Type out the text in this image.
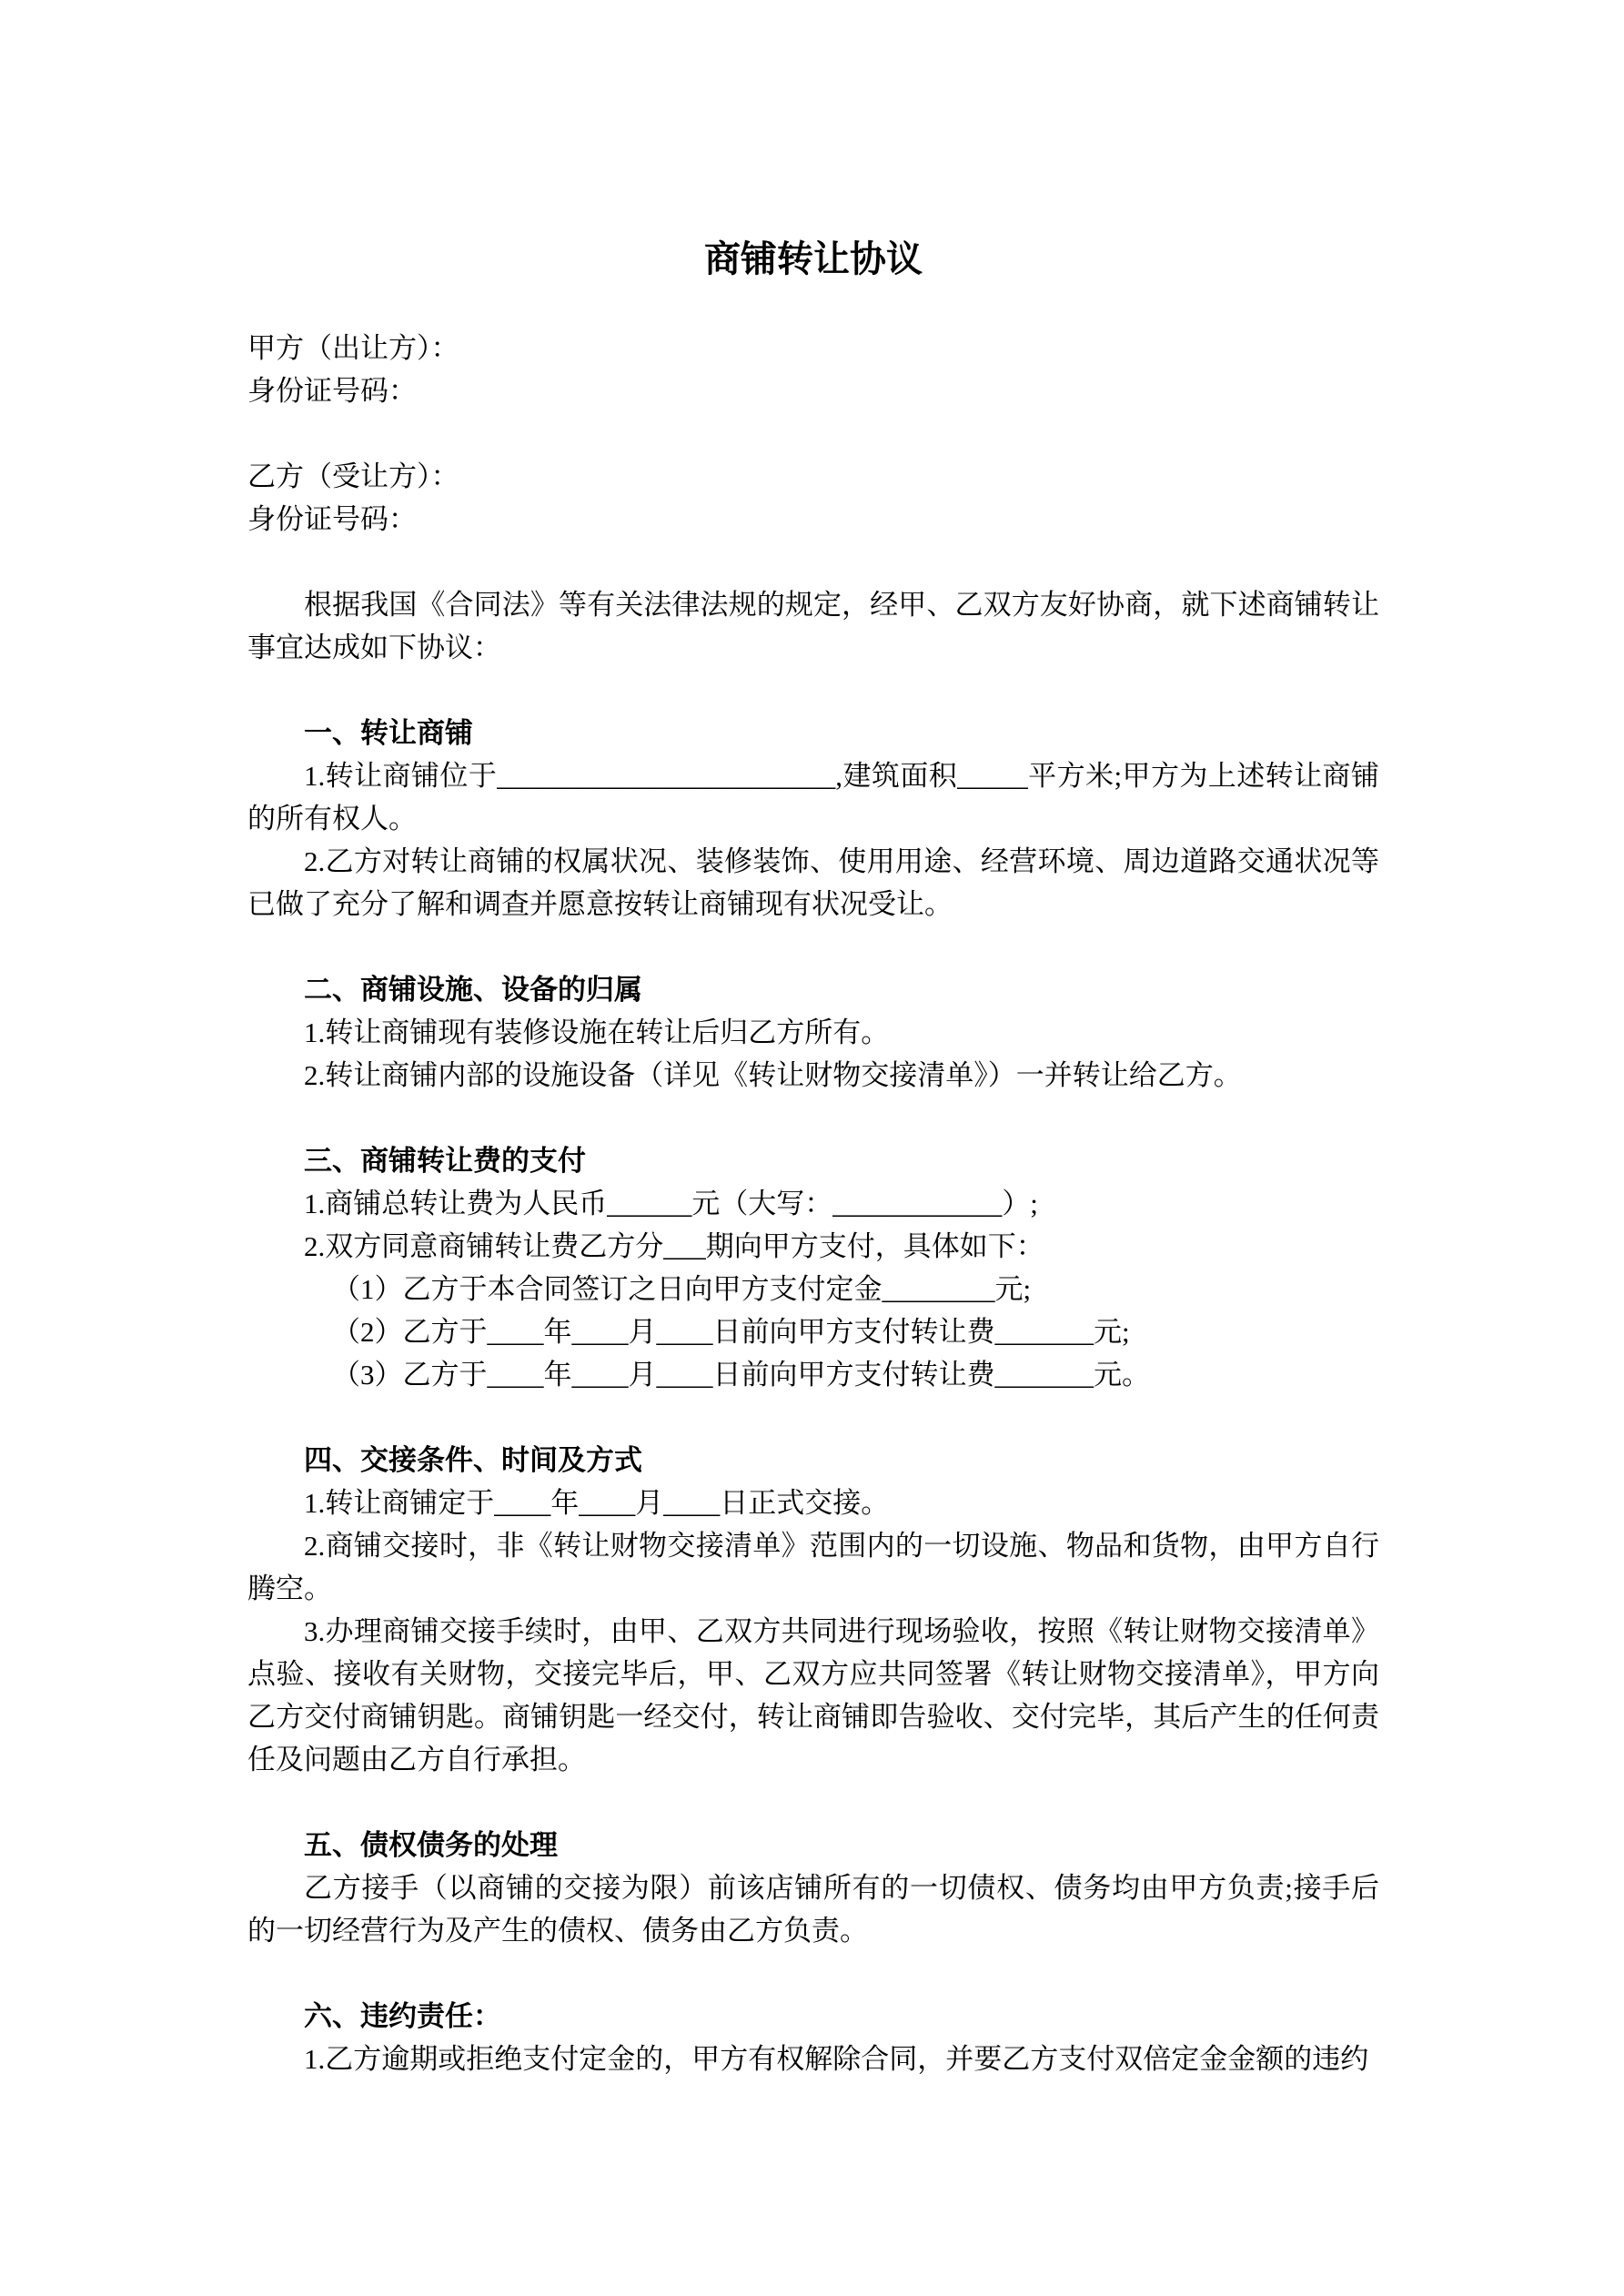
商铺转让协议

甲方（出让方）：

身份证号码：

乙方（受让方）：

身份证号码：

根据我国《合同法》等有关法律法规的规定，经甲、乙双方友好协商，就下述商铺转让事宜达成如下协议：

一、转让商铺

1.转让商铺位于________________________,建筑面积_____平方米;甲方为上述转让商铺的所有权人。

2.乙方对转让商铺的权属状况、装修装饰、使用用途、经营环境、周边道路交通状况等已做了充分了解和调查并愿意按转让商铺现有状况受让。

二、商铺设施、设备的归属

1.转让商铺现有装修设施在转让后归乙方所有。

2.转让商铺内部的设施设备（详见《转让财物交接清单》）一并转让给乙方。

三、商铺转让费的支付

1.商铺总转让费为人民币______元（大写：____________）;

2.双方同意商铺转让费乙方分___期向甲方支付，具体如下：

（1）乙方于本合同签订之日向甲方支付定金________元;

（2）乙方于____年____月____日前向甲方支付转让费_______元;

（3）乙方于____年____月____日前向甲方支付转让费_______元。

四、交接条件、时间及方式

1.转让商铺定于____年____月____日正式交接。

2.商铺交接时，非《转让财物交接清单》范围内的一切设施、物品和货物，由甲方自行腾空。

3.办理商铺交接手续时，由甲、乙双方共同进行现场验收，按照《转让财物交接清单》点验、接收有关财物，交接完毕后，甲、乙双方应共同签署《转让财物交接清单》，甲方向乙方交付商铺钥匙。商铺钥匙一经交付，转让商铺即告验收、交付完毕，其后产生的任何责任及问题由乙方自行承担。

五、债权债务的处理

乙方接手（以商铺的交接为限）前该店铺所有的一切债权、债务均由甲方负责;接手后的一切经营行为及产生的债权、债务由乙方负责。

六、违约责任：

1.乙方逾期或拒绝支付定金的，甲方有权解除合同，并要乙方支付双倍定金金额的违约
